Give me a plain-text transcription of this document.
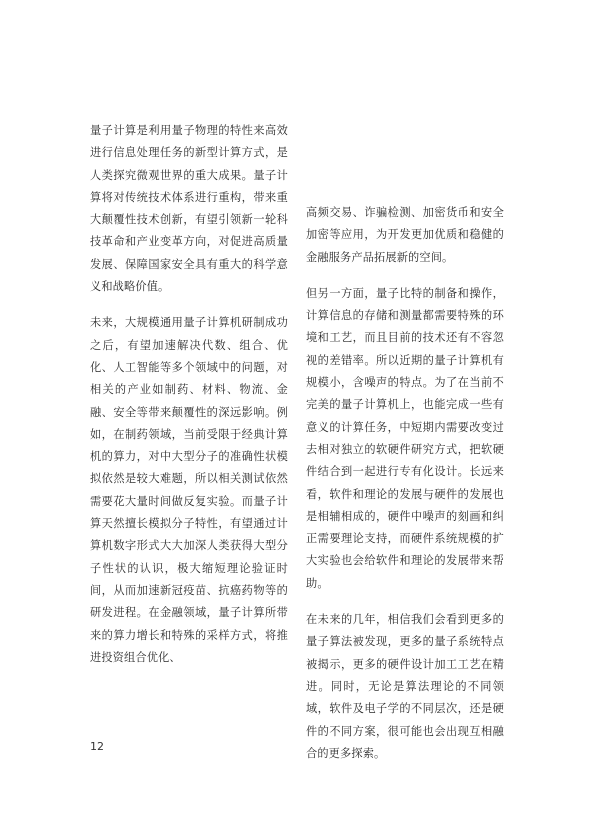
量子计算是利用量子物理的特性来高效进行信息处理任务的新型计算方式，是人类探究微观世界的重大成果。量子计算将对传统技术体系进行重构，带来重大颠覆性技术创新，有望引领新一轮科技革命和产业变革方向，对促进高质量发展、保障国家安全具有重大的科学意义和战略价值。

未来，大规模通用量子计算机研制成功之后，有望加速解决代数、组合、优化、人工智能等多个领域中的问题，对相关的产业如制药、材料、物流、金融、安全等带来颠覆性的深远影响。例如，在制药领域，当前受限于经典计算机的算力，对中大型分子的准确性状模拟依然是较大难题，所以相关测试依然需要花大量时间做反复实验。而量子计算天然擅长模拟分子特性，有望通过计算机数字形式大大加深人类获得大型分子性状的认识，极大缩短理论验证时间，从而加速新冠疫苗、抗癌药物等的研发进程。在金融领域，量子计算所带来的算力增长和特殊的采样方式，将推进投资组合优化、

高频交易、诈骗检测、加密货币和安全加密等应用，为开发更加优质和稳健的金融服务产品拓展新的空间。

但另一方面，量子比特的制备和操作，计算信息的存储和测量都需要特殊的环境和工艺，而且目前的技术还有不容忽视的差错率。所以近期的量子计算机有规模小，含噪声的特点。为了在当前不完美的量子计算机上，也能完成一些有意义的计算任务，中短期内需要改变过去相对独立的软硬件研究方式，把软硬件结合到一起进行专有化设计。长远来看，软件和理论的发展与硬件的发展也是相辅相成的，硬件中噪声的刻画和纠正需要理论支持，而硬件系统规模的扩大实验也会给软件和理论的发展带来帮助。

在未来的几年，相信我们会看到更多的量子算法被发现，更多的量子系统特点被揭示，更多的硬件设计加工工艺在精进。同时，无论是算法理论的不同领域，软件及电子学的不同层次，还是硬件的不同方案，很可能也会出现互相融合的更多探索。

12
